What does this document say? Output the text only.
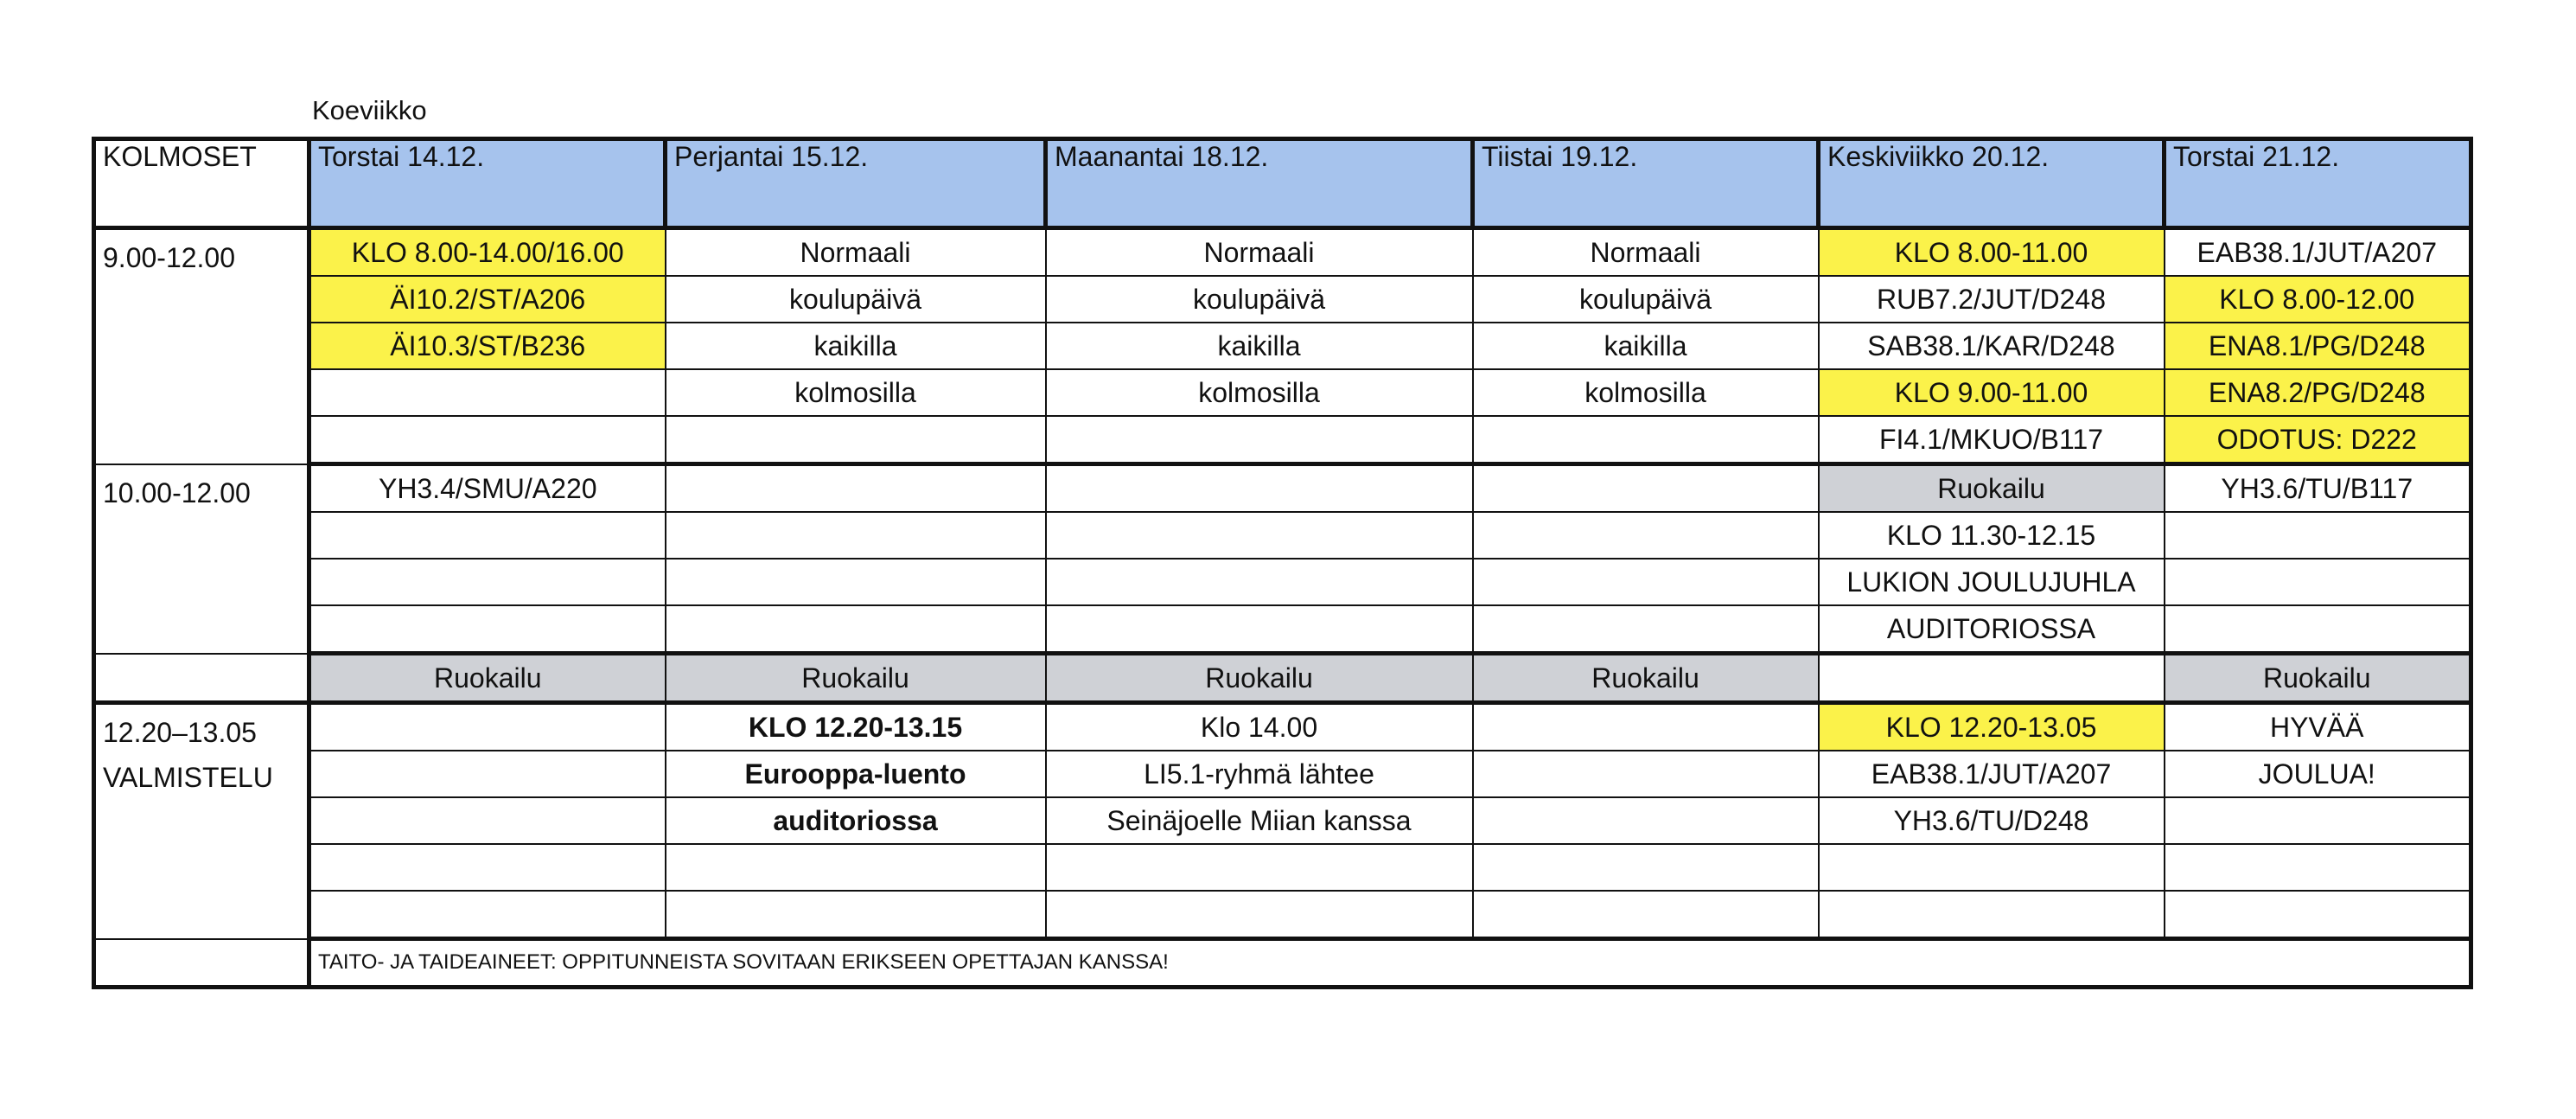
Koeviikko
KOLMOSET	Torstai 14.12.	Perjantai 15.12.	Maanantai 18.12.	Tiistai 19.12.	Keskiviikko 20.12.	Torstai 21.12.
9.00-12.00	KLO 8.00-14.00/16.00	Normaali	Normaali	Normaali	KLO 8.00-11.00	EAB38.1/JUT/A207
	ÄI10.2/ST/A206	koulupäivä	koulupäivä	koulupäivä	RUB7.2/JUT/D248	KLO 8.00-12.00
	ÄI10.3/ST/B236	kaikilla	kaikilla	kaikilla	SAB38.1/KAR/D248	ENA8.1/PG/D248
		kolmosilla	kolmosilla	kolmosilla	KLO 9.00-11.00	ENA8.2/PG/D248
					FI4.1/MKUO/B117	ODOTUS: D222
10.00-12.00	YH3.4/SMU/A220				Ruokailu	YH3.6/TU/B117
					KLO 11.30-12.15	
					LUKION JOULUJUHLA	
					AUDITORIOSSA	
	Ruokailu	Ruokailu	Ruokailu	Ruokailu		Ruokailu
12.20–13.05
VALMISTELU		KLO 12.20-13.15	Klo 14.00		KLO 12.20-13.05	HYVÄÄ
		Eurooppa-luento	LI5.1-ryhmä lähtee		EAB38.1/JUT/A207	JOULUA!
		auditoriossa	Seinäjoelle Miian kanssa		YH3.6/TU/D248	

	TAITO- JA TAIDEAINEET: OPPITUNNEISTA SOVITAAN ERIKSEEN OPETTAJAN KANSSA!					
